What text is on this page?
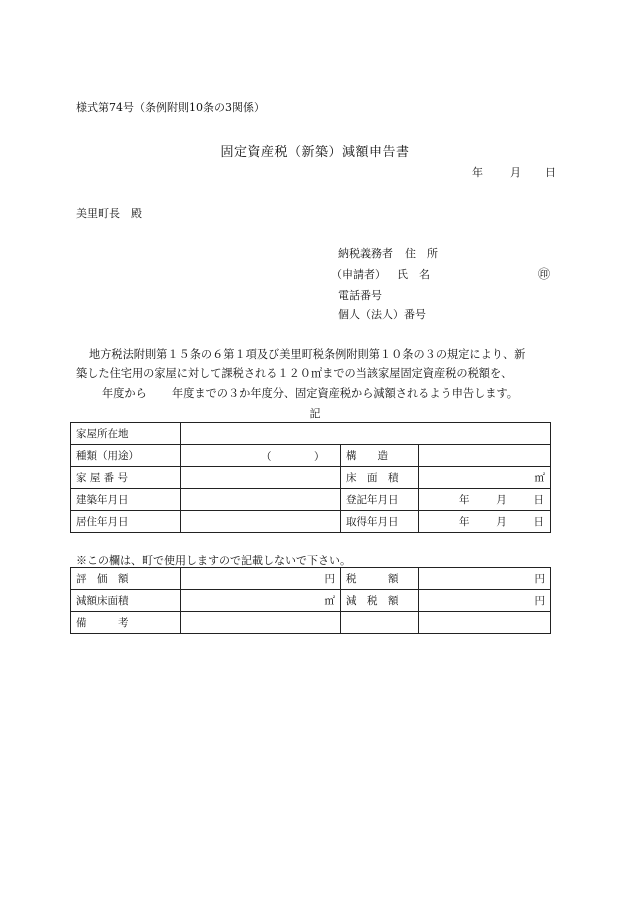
様式第74号（条例附則10条の3関係）
固定資産税（新築）減額申告書
年 月 日
美里町長　殿
納税義務者 住　所
（申請者） 氏　名	㊞
電話番号
個人（法人）番号
地方税法附則第１５条の６第１項及び美里町税条例附則第１０条の３の規定により、新
築した住宅用の家屋に対して課税される１２０㎡までの当該家屋固定資産税の税額を、
年度から 年度までの３か年度分、固定資産税から減額されるよう申告します。
記
家屋所在地			
種類（用途）	（ ）	構　　造	
家 屋 番 号		床　面　積	㎡
建築年月日		登記年月日	年 月 日

居住年月日		取得年月日	年 月 日
※この欄は、町で使用しますので記載しないで下さい。
評　価　額	円	税　　　額	円
減額床面積	㎡	減　税　額	円
備　　　考			
